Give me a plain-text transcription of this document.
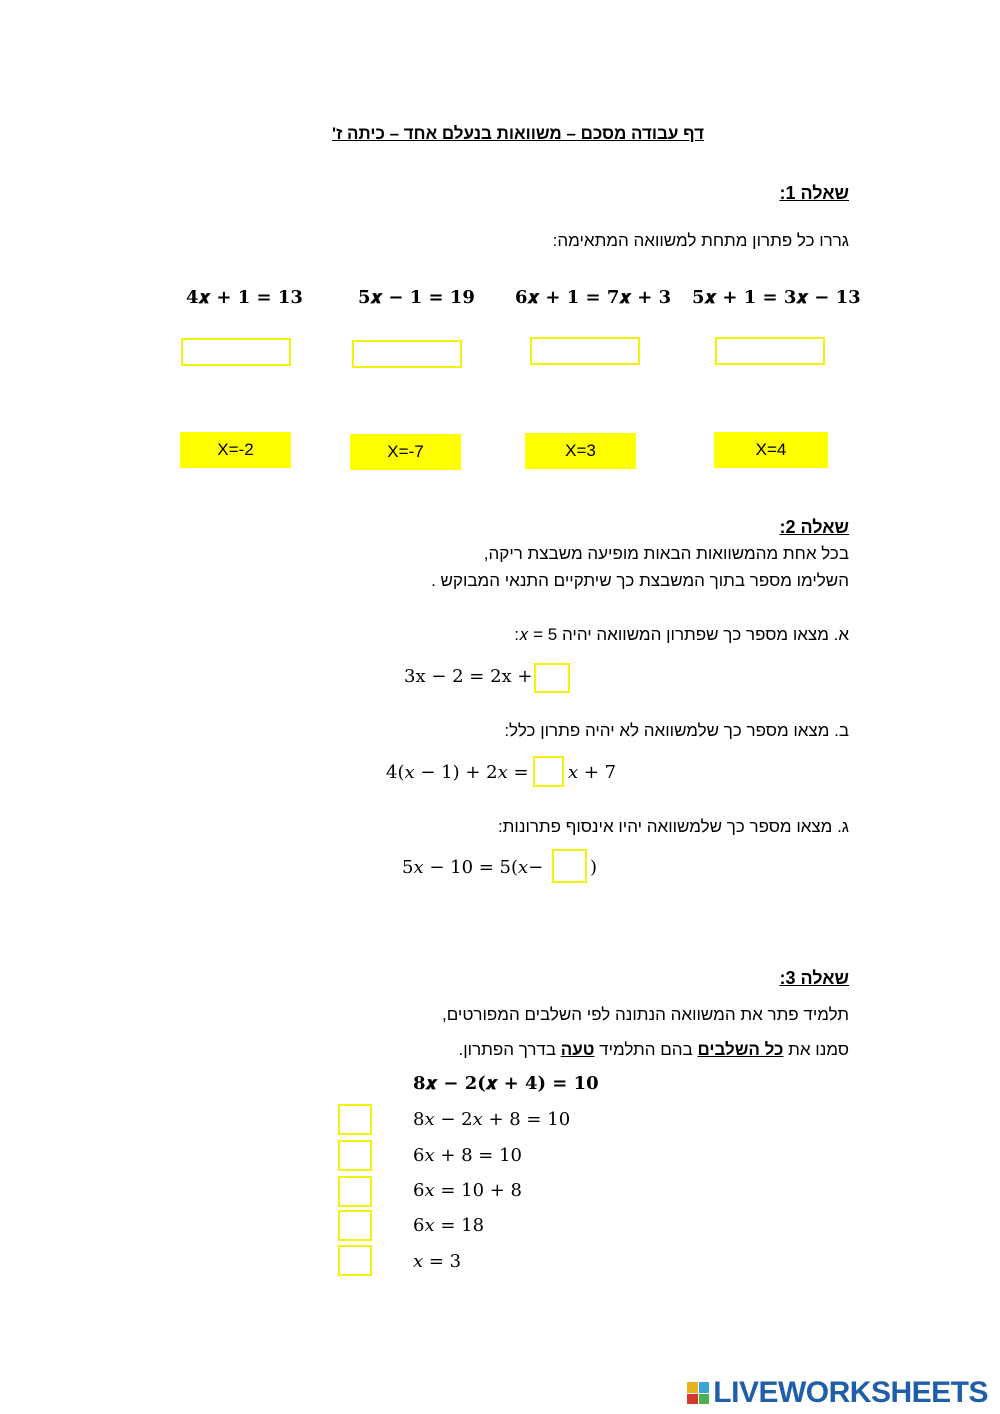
דף עבודה מסכם – משוואות בנעלם אחד – כיתה ז'
שאלה 1:
גררו כל פתרון מתחת למשוואה המתאימה:
5𝒙 + 𝟏 = 𝟑𝒙 − 𝟏𝟑
𝟔𝒙 + 𝟏 = 𝟕𝒙 + 𝟑
𝟓𝒙 − 𝟏 = 𝟏𝟗
𝟒𝒙 + 𝟏 = 𝟏𝟑
X=4
X=3
X=-7
X=-2
שאלה 2:
בכל אחת מהמשוואות הבאות מופיעה משבצת ריקה,
השלימו מספר בתוך המשבצת כך שיתקיים התנאי המבוקש .
א. מצאו מספר כך שפתרון המשוואה יהיה 5 = 𝑥:
3x − 2 = 2x +
ב. מצאו מספר כך שלמשוואה לא יהיה פתרון כלל:
4(𝑥 − 1) + 2𝑥 = 𝑥 + 7
ג. מצאו מספר כך שלמשוואה יהיו אינסוף פתרונות:
5𝑥 − 10 = 5(𝑥−	)
שאלה 3:
תלמיד פתר את המשוואה הנתונה לפי השלבים המפורטים,
סמנו את כל השלבים בהם התלמיד טעה בדרך הפתרון.
𝟖𝒙 − 𝟐(𝒙 + 𝟒) = 𝟏𝟎
8𝑥 − 2𝑥 + 8 = 10
6𝑥 + 8 = 10
6𝑥 = 10 + 8
6𝑥 = 18
𝑥 = 3
LIVEWORKSHEETS
